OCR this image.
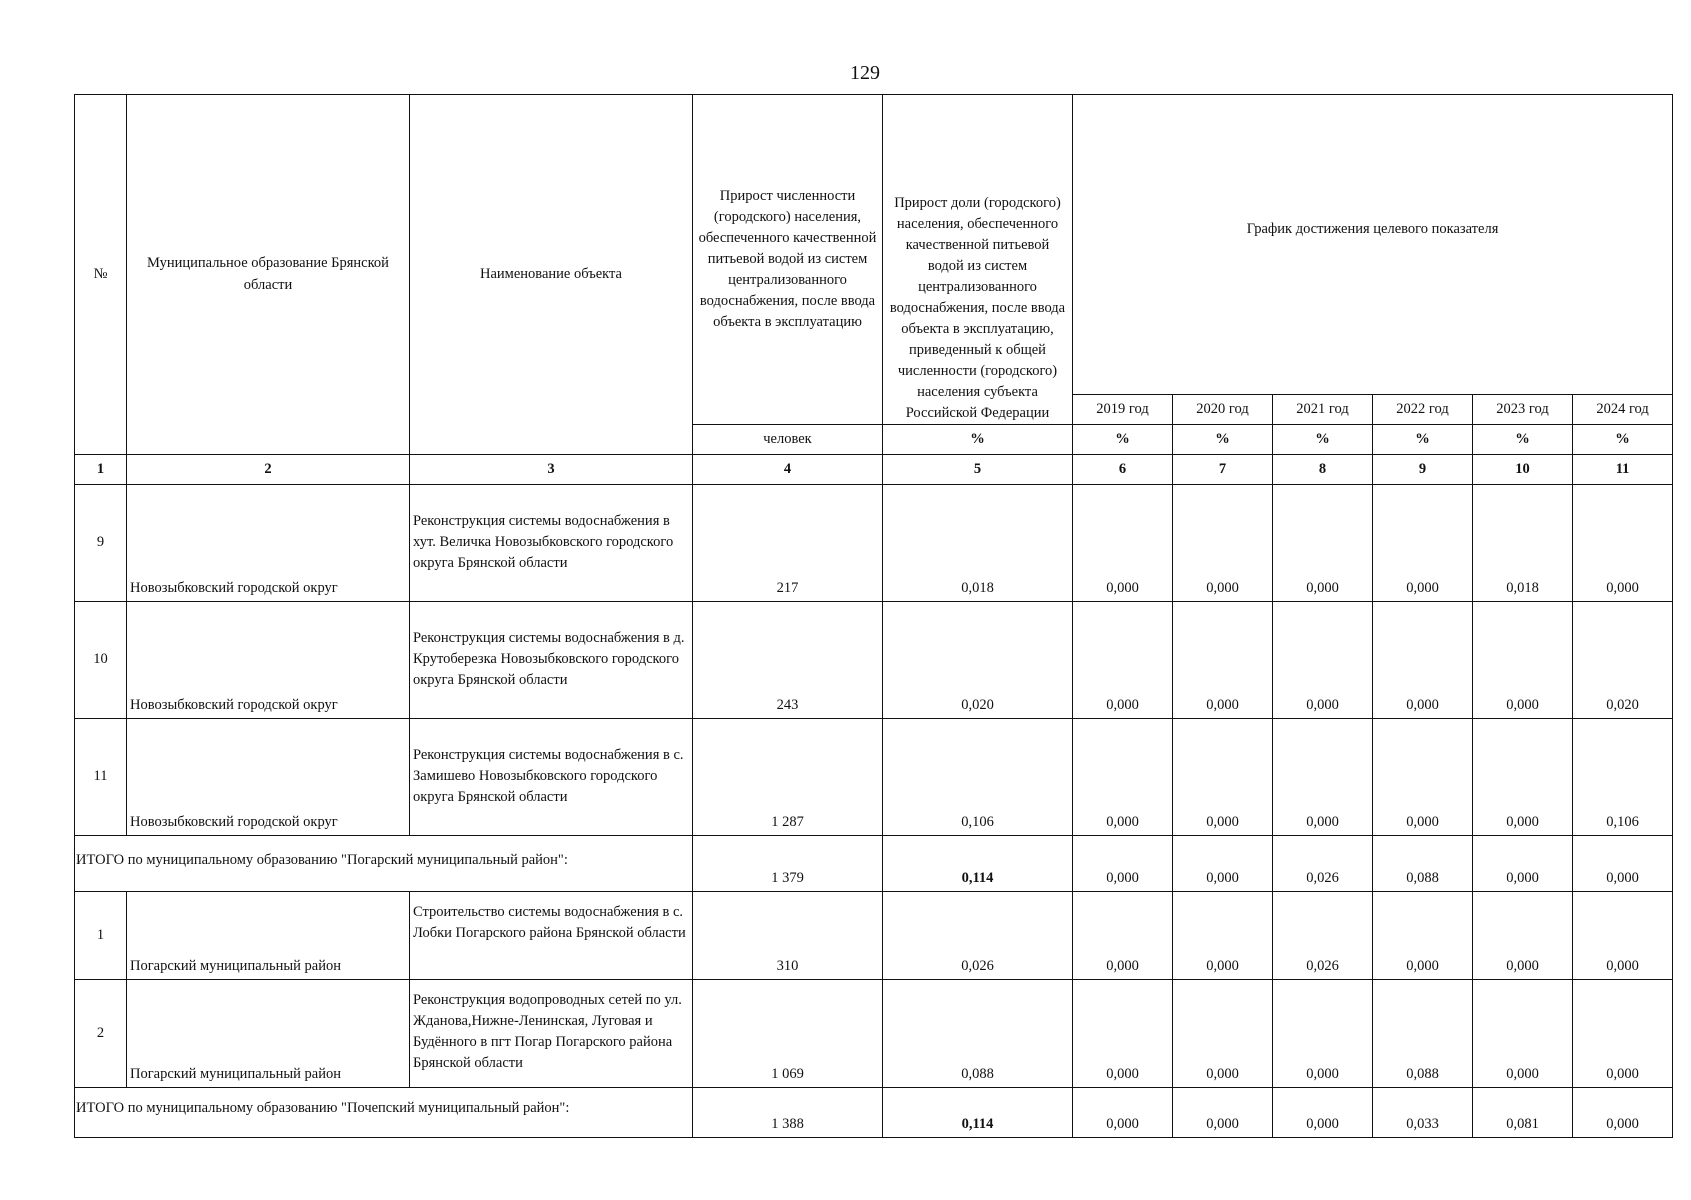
129
№	Муниципальное образование Брянской области	Наименование объекта	Прирост численности (городского) населения, обеспеченного качественной питьевой водой из систем централизованного водоснабжения, после ввода объекта в эксплуатацию	Прирост доли (городского) населения, обеспеченного качественной питьевой водой из систем централизованного водоснабжения, после ввода объекта в эксплуатацию, приведенный к общей численности (городского) населения субъекта Российской Федерации	График достижения целевого показателя					
					2019 год	2020 год	2021 год	2022 год	2023 год	2024 год
			человек	%	%	%	%	%	%	%
1	2	3	4	5	6	7	8	9	10	11
9	Новозыбковский городской округ	Реконструкция системы водоснабжения в хут. Величка Новозыбковского городского округа Брянской области	217	0,018	0,000	0,000	0,000	0,000	0,018	0,000
10	Новозыбковский городской округ	Реконструкция системы водоснабжения в д. Крутоберезка Новозыбковского городского округа Брянской области	243	0,020	0,000	0,000	0,000	0,000	0,000	0,020
11	Новозыбковский городской округ	Реконструкция системы водоснабжения в с. Замишево Новозыбковского городского округа Брянской области	1 287	0,106	0,000	0,000	0,000	0,000	0,000	0,106
ИТОГО по муниципальному образованию "Погарский муниципальный район":			1 379	0,114	0,000	0,000	0,026	0,088	0,000	0,000
1	Погарский муниципальный район	Строительство системы водоснабжения в с. Лобки Погарского района Брянской области	310	0,026	0,000	0,000	0,026	0,000	0,000	0,000
2	Погарский муниципальный район	Реконструкция водопроводных сетей по ул. Жданова,Нижне-Ленинская, Луговая и Будённого в пгт Погар Погарского района Брянской области	1 069	0,088	0,000	0,000	0,000	0,088	0,000	0,000
ИТОГО по муниципальному образованию "Почепский муниципальный район":			1 388	0,114	0,000	0,000	0,000	0,033	0,081	0,000
